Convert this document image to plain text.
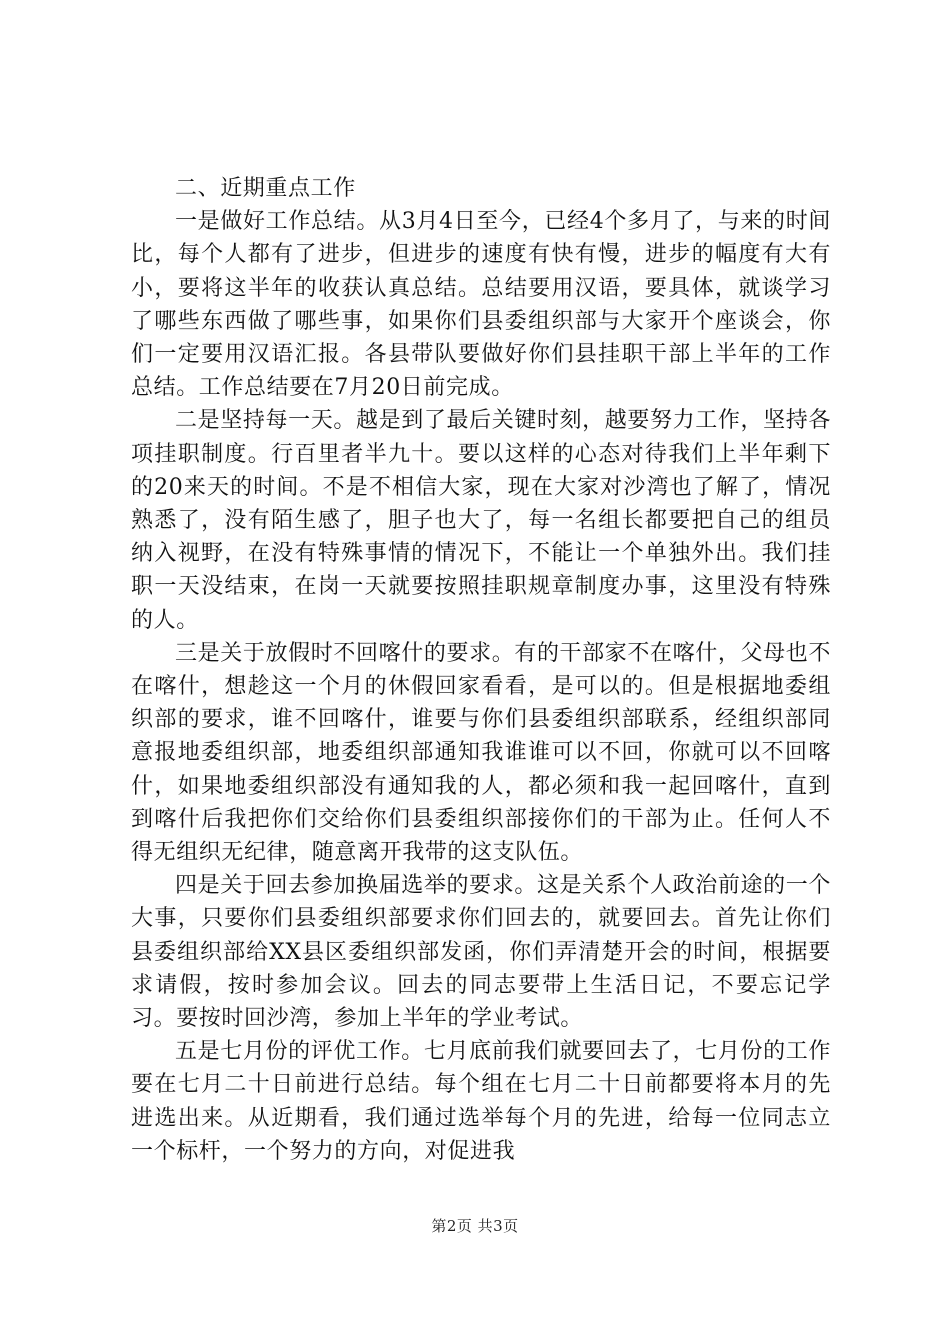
二、近期重点工作

一是做好工作总结。从3月4日至今，已经4个多月了，与来的时间比，每个人都有了进步，但进步的速度有快有慢，进步的幅度有大有小，要将这半年的收获认真总结。总结要用汉语，要具体，就谈学习了哪些东西做了哪些事，如果你们县委组织部与大家开个座谈会，你们一定要用汉语汇报。各县带队要做好你们县挂职干部上半年的工作总结。工作总结要在7月20日前完成。

二是坚持每一天。越是到了最后关键时刻，越要努力工作，坚持各项挂职制度。行百里者半九十。要以这样的心态对待我们上半年剩下的20来天的时间。不是不相信大家，现在大家对沙湾也了解了，情况熟悉了，没有陌生感了，胆子也大了，每一名组长都要把自己的组员纳入视野，在没有特殊事情的情况下，不能让一个单独外出。我们挂职一天没结束，在岗一天就要按照挂职规章制度办事，这里没有特殊的人。

三是关于放假时不回喀什的要求。有的干部家不在喀什，父母也不在喀什，想趁这一个月的休假回家看看，是可以的。但是根据地委组织部的要求，谁不回喀什，谁要与你们县委组织部联系，经组织部同意报地委组织部，地委组织部通知我谁谁可以不回，你就可以不回喀什，如果地委组织部没有通知我的人，都必须和我一起回喀什，直到到喀什后我把你们交给你们县委组织部接你们的干部为止。任何人不得无组织无纪律，随意离开我带的这支队伍。

四是关于回去参加换届选举的要求。这是关系个人政治前途的一个大事，只要你们县委组织部要求你们回去的，就要回去。首先让你们县委组织部给XX县区委组织部发函，你们弄清楚开会的时间，根据要求请假，按时参加会议。回去的同志要带上生活日记，不要忘记学习。要按时回沙湾，参加上半年的学业考试。

五是七月份的评优工作。七月底前我们就要回去了，七月份的工作要在七月二十日前进行总结。每个组在七月二十日前都要将本月的先进选出来。从近期看，我们通过选举每个月的先进，给每一位同志立一个标杆，一个努力的方向，对促进我

第2页 共3页
